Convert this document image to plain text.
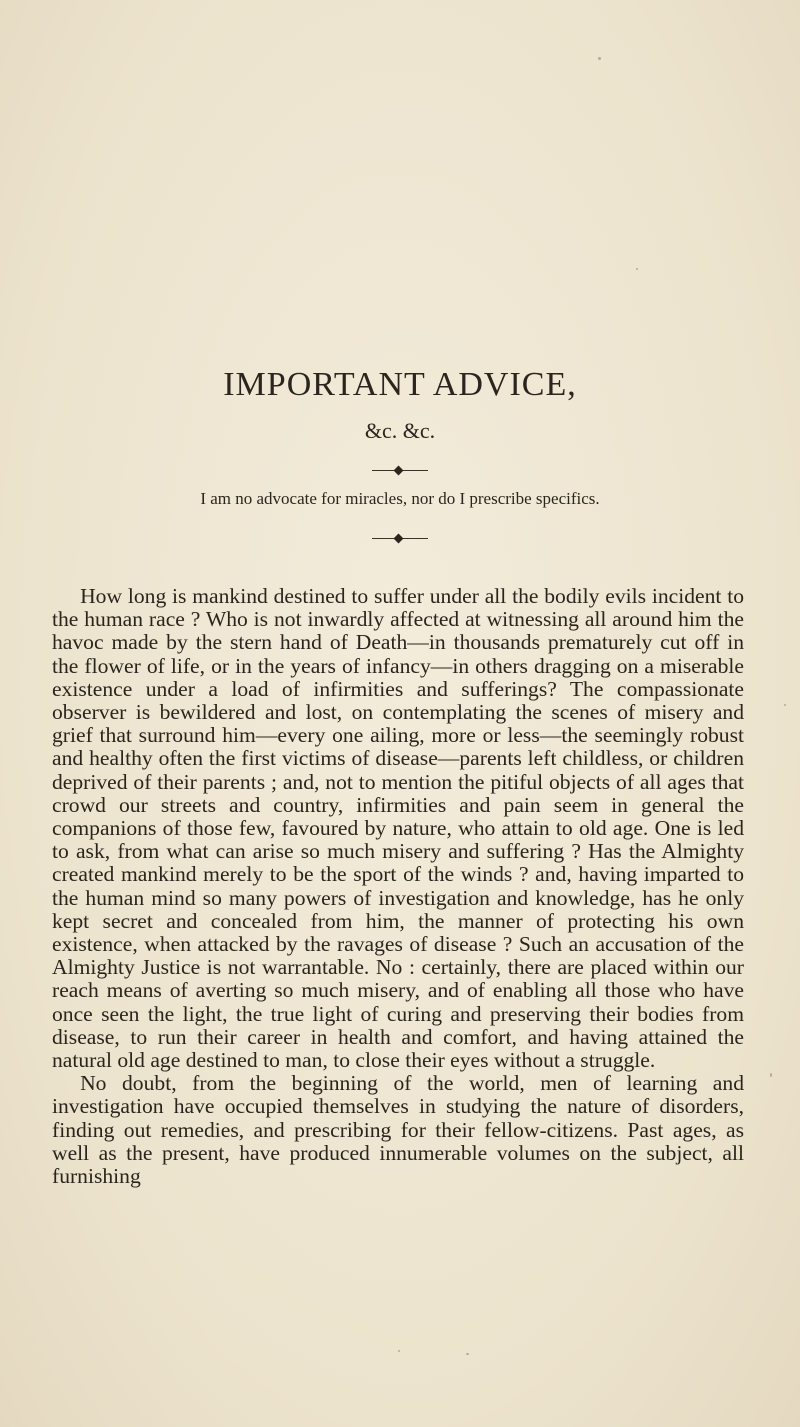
IMPORTANT ADVICE,
&c. &c.
I am no advocate for miracles, nor do I prescribe specifics.

How long is mankind destined to suffer under all the bodily evils incident to the human race ? Who is not inwardly affected at witnessing all around him the havoc made by the stern hand of Death—in thousands prematurely cut off in the flower of life, or in the years of infancy—in others dragging on a miserable existence under a load of infirmities and sufferings? The compassionate observer is bewildered and lost, on contemplating the scenes of misery and grief that surround him—every one ailing, more or less—the seemingly robust and healthy often the first victims of disease—parents left childless, or children deprived of their parents ; and, not to mention the pitiful objects of all ages that crowd our streets and country, infirmities and pain seem in general the companions of those few, favoured by nature, who attain to old age. One is led to ask, from what can arise so much misery and suffering ? Has the Almighty created mankind merely to be the sport of the winds ? and, having imparted to the human mind so many powers of investigation and knowledge, has he only kept secret and concealed from him, the manner of protecting his own existence, when attacked by the ravages of disease ? Such an accusation of the Almighty Justice is not warrantable. No : certainly, there are placed within our reach means of averting so much misery, and of enabling all those who have once seen the light, the true light of curing and preserving their bodies from disease, to run their career in health and comfort, and having attained the natural old age destined to man, to close their eyes without a struggle.

No doubt, from the beginning of the world, men of learning and investigation have occupied themselves in studying the nature of disorders, finding out remedies, and prescribing for their fellow-citizens. Past ages, as well as the present, have produced innumerable volumes on the subject, all furnishing
